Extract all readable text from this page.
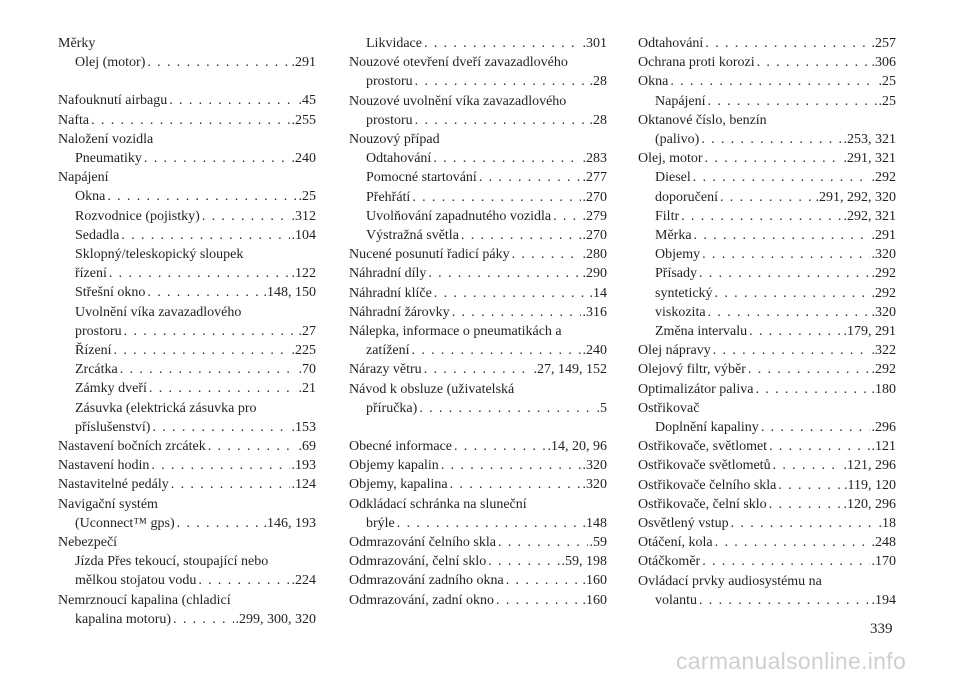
Měrky
Olej (motor) . . .	.291
Nafouknutí airbagu . . .	.45
Nafta . . .	.255
Naložení vozidla
Pneumatiky . . .	.240
Napájení
Okna . . .	.25
Rozvodnice (pojistky) . . .	.312
Sedadla . . .	.104
Sklopný/teleskopický sloupek
řízení . . .	.122
Střešní okno . . .	.148, 150
Uvolnění víka zavazadlového
prostoru . . .	.27
Řízení . . .	.225
Zrcátka . . .	.70
Zámky dveří . . .	.21
Zásuvka (elektrická zásuvka pro
příslušenství) . . .	.153
Nastavení bočních zrcátek . . .	.69
Nastavení hodin . . .	.193
Nastavitelné pedály . . .	.124
Navigační systém
(Uconnect™ gps) . . .	.146, 193
Nebezpečí
Jízda Přes tekoucí, stoupající nebo
mělkou stojatou vodu . . .	.224
Nemrznoucí kapalina (chladicí
kapalina motoru) . . .	.299, 300, 320
Likvidace . . .	.301
Nouzové otevření dveří zavazadlového
prostoru . . .	.28
Nouzové uvolnění víka zavazadlového
prostoru . . .	.28
Nouzový případ
Odtahování . . .	.283
Pomocné startování . . .	.277
Přehřátí . . .	.270
Uvolňování zapadnutého vozidla . . . .279
Výstražná světla . . .	.270
Nucené posunutí řadicí páky . . .	.280
Náhradní díly . . .	.290
Náhradní klíče . . .	.14
Náhradní žárovky . . .	.316
Nálepka, informace o pneumatikách a
zatížení . . .	.240
Nárazy větru . . .	.27, 149, 152
Návod k obsluze (uživatelská
příručka) . . .	.5
Obecné informace . . .	.14, 20, 96
Objemy kapalin . . .	.320
Objemy, kapalina . . .	.320
Odkládací schránka na sluneční
brýle . . .	.148
Odmrazování čelního skla . . .	.59
Odmrazování, čelní sklo . . .	.59, 198
Odmrazování zadního okna . . .	.160
Odmrazování, zadní okno . . .	.160
Odtahování . . .	.257
Ochrana proti korozi . . .	.306
Okna . . .	.25
Napájení . . .	.25
Oktanové číslo, benzín
(palivo) . . .	.253, 321
Olej, motor . . .	.291, 321
Diesel . . .	.292
doporučení . . .	.291, 292, 320
Filtr . . .	.292, 321
Měrka . . .	.291
Objemy . . .	.320
Přísady . . .	.292
syntetický . . .	.292
viskozita . . .	.320
Změna intervalu . . .	.179, 291
Olej nápravy . . .	.322
Olejový filtr, výběr . . .	.292
Optimalizátor paliva . . .	.180
Ostřikovač
Doplnění kapaliny . . .	.296
Ostřikovače, světlomet . . .	.121
Ostřikovače světlometů . . .	.121, 296
Ostřikovače čelního skla . . .	.119, 120
Ostřikovače, čelní sklo . . .	.120, 296
Osvětlený vstup . . .	.18
Otáčení, kola . . .	.248
Otáčkoměr . . .	.170
Ovládací prvky audiosystému na
volantu . . .	.194
339
carmanualsonline.info
